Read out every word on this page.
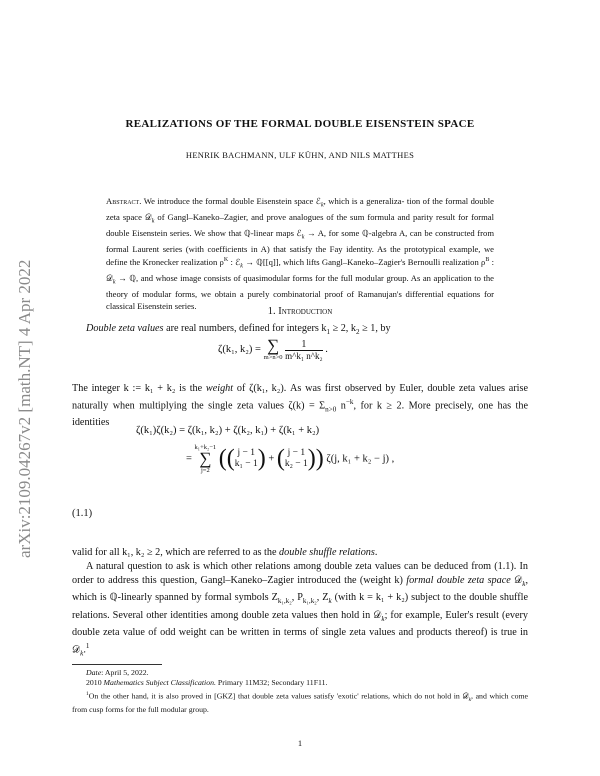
arXiv:2109.04267v2 [math.NT] 4 Apr 2022
REALIZATIONS OF THE FORMAL DOUBLE EISENSTEIN SPACE
HENRIK BACHMANN, ULF KÜHN, AND NILS MATTHES
Abstract. We introduce the formal double Eisenstein space ℰ$_k$, which is a generaliza- tion of the formal double zeta space 𝒟$_k$ of Gangl–Kaneko–Zagier, and prove analogues of the sum formula and parity result for formal double Eisenstein series. We show that ℚ-linear maps ℰ$_k$ → A, for some ℚ-algebra A, can be constructed from formal Laurent series (with coefficients in A) that satisfy the Fay identity. As the prototypical example, we define the Kronecker realization $\rho^K$ : ℰ$_k$ → ℚ[[q]], which lifts Gangl–Kaneko–Zagier's Bernoulli realization $\rho^B$ : 𝒟$_k$ → ℚ, and whose image consists of quasimodular forms for the full modular group. As an application to the theory of modular forms, we obtain a purely combinatorial proof of Ramanujan's differential equations for classical Eisenstein series.
1. Introduction
Double zeta values are real numbers, defined for integers $k_1 \ge 2$, $k_2 \ge 1$, by
ζ(k₁, k₂) = ∑
m>n>0
$\frac{1}{\text{m\textasciicircum{}k₁ n\textasciicircum{}k₂}}$ .
The integer k := k₁ + k₂ is the weight of ζ(k₁, k₂). As was first observed by Euler, double zeta values arise naturally when multiplying the single zeta values $\zeta(k) = \Sigma_{n>0}$ $n^{-k}$, for k ≥ 2. More precisely, one has the identities
(1.1)
ζ(k₁)ζ(k₂) = ζ(k₁, k₂) + ζ(k₂, k₁) + ζ(k₁ + k₂)
=
k₁+k₂−1
∑
j=2 (( j − 1
k₁ − 1) + ( j − 1
k₂ − 1)) ζ(j, k₁ + k₂ − j) ,
valid for all k₁, k₂ ≥ 2, which are referred to as the double shuffle relations.
A natural question to ask is which other relations among double zeta values can be deduced from (1.1). In order to address this question, Gangl–Kaneko–Zagier introduced the (weight k) formal double zeta space 𝒟$_k$, which is ℚ-linearly spanned by formal symbols $Z_{k_1,k_2}$, $P_{k_1,k_2}$, $Z_k$ (with k = k₁ + k₂) subject to the double shuffle relations. Several other identities among double zeta values then hold in 𝒟$_k$; for example, Euler's result (every double zeta value of odd weight can be written in terms of single zeta values and products thereof) is true in 𝒟$_k$.$^1$
Date: April 5, 2022.
2010 Mathematics Subject Classification. Primary 11M32; Secondary 11F11.
$^1$On the other hand, it is also proved in [GKZ] that double zeta values satisfy 'exotic' relations, which do not hold in 𝒟$_k$, and which come from cusp forms for the full modular group.
1
